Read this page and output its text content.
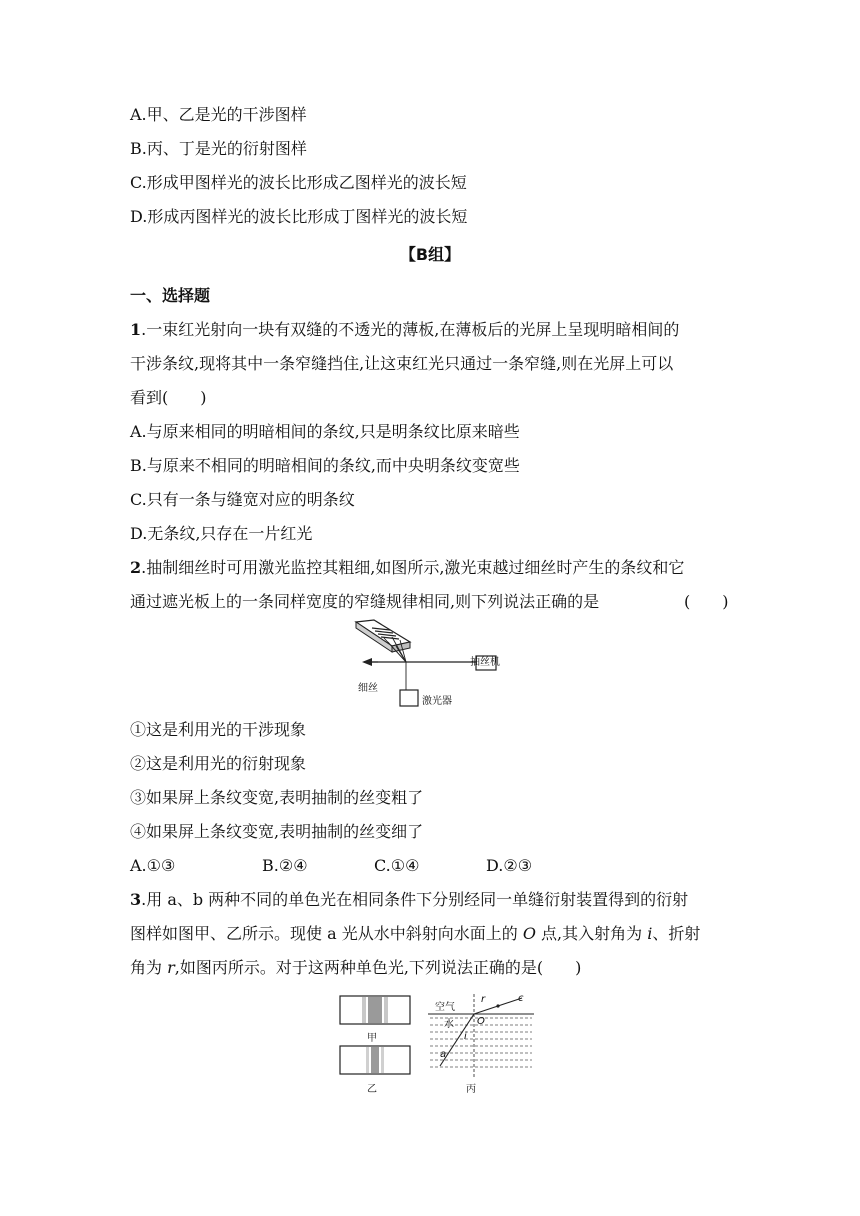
A.甲、乙是光的干涉图样
B.丙、丁是光的衍射图样
C.形成甲图样光的波长比形成乙图样光的波长短
D.形成丙图样光的波长比形成丁图样光的波长短
【B组】
一、选择题
1.一束红光射向一块有双缝的不透光的薄板,在薄板后的光屏上呈现明暗相间的
干涉条纹,现将其中一条窄缝挡住,让这束红光只通过一条窄缝,则在光屏上可以
看到(　　)
A.与原来相同的明暗相间的条纹,只是明条纹比原来暗些
B.与原来不相同的明暗相间的条纹,而中央明条纹变宽些
C.只有一条与缝宽对应的明条纹
D.无条纹,只存在一片红光
2.抽制细丝时可用激光监控其粗细,如图所示,激光束越过细丝时产生的条纹和它
通过遮光板上的一条同样宽度的窄缝规律相同,则下列说法正确的是	(　　)
抽丝机
细丝
激光器
①这是利用光的干涉现象
②这是利用光的衍射现象
③如果屏上条纹变宽,表明抽制的丝变粗了
④如果屏上条纹变宽,表明抽制的丝变细了
A.①③	B.②④	C.①④	D.②③
3.用 a、b 两种不同的单色光在相同条件下分别经同一单缝衍射装置得到的衍射
图样如图甲、乙所示。现使 a 光从水中斜射向水面上的 O 点,其入射角为 i、折射
角为 r,如图丙所示。对于这两种单色光,下列说法正确的是(　　)
乙
甲
丙
空气
水 O
r
i
c
a
